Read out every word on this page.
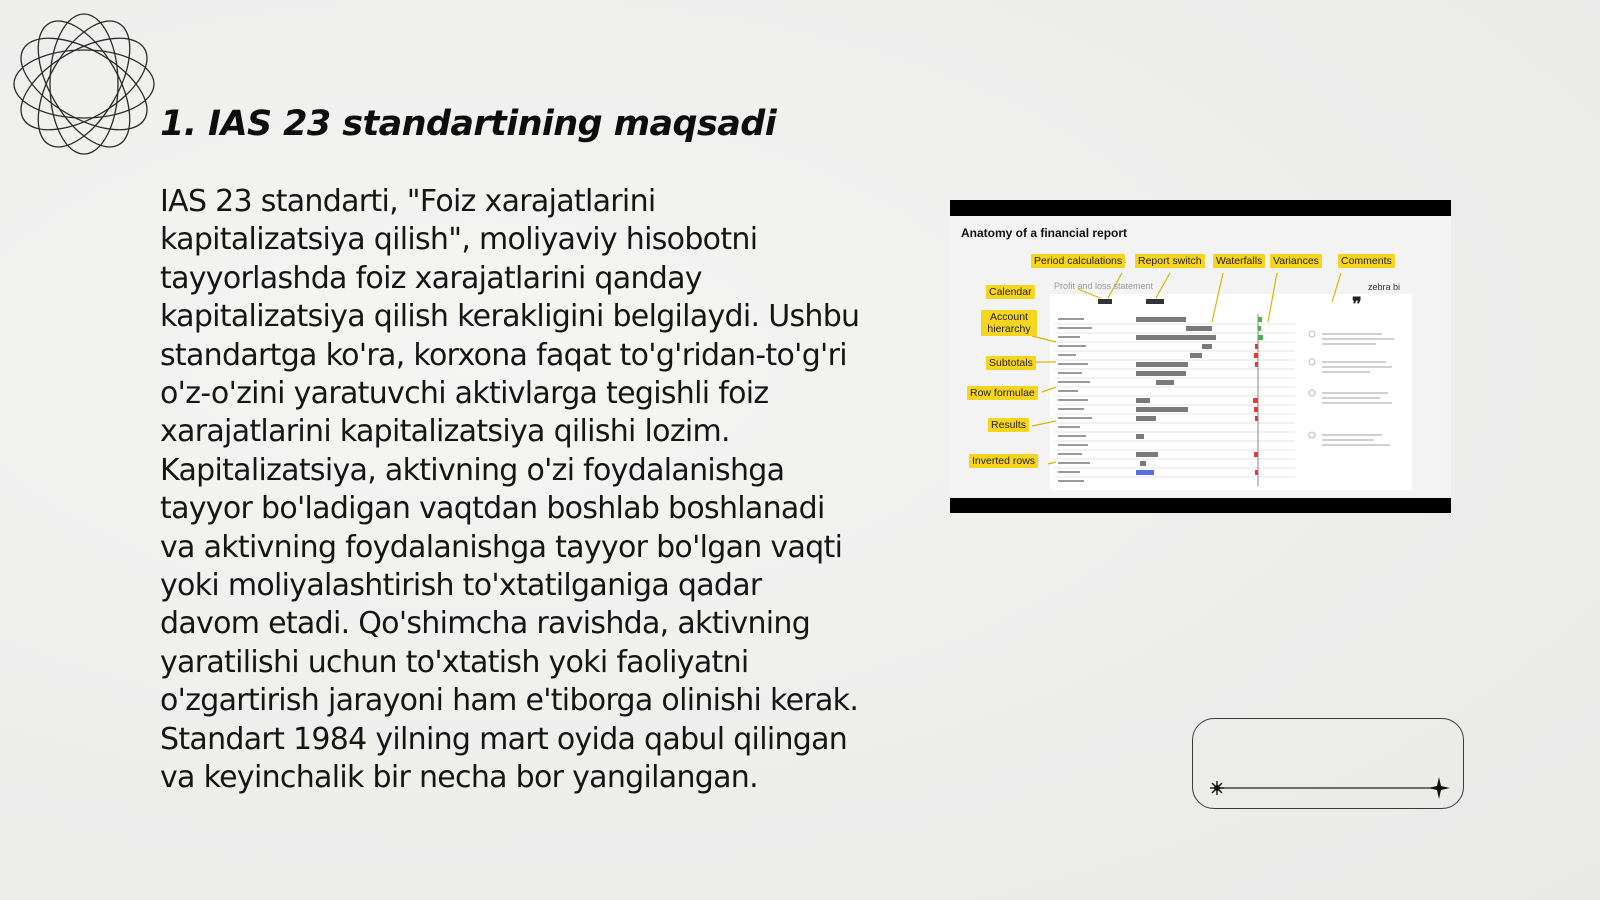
1. IAS 23 standartining maqsadi

IAS 23 standarti, "Foiz xarajatlarini kapitalizatsiya qilish", moliyaviy hisobotni tayyorlashda foiz xarajatlarini qanday kapitalizatsiya qilish kerakligini belgilaydi. Ushbu standartga ko'ra, korxona faqat to'g'ridan-to'g'ri o'z-o'zini yaratuvchi aktivlarga tegishli foiz xarajatlarini kapitalizatsiya qilishi lozim. Kapitalizatsiya, aktivning o'zi foydalanishga tayyor bo'ladigan vaqtdan boshlab boshlanadi va aktivning foydalanishga tayyor bo'lgan vaqti yoki moliyalashtirish to'xtatilganiga qadar davom etadi. Qo'shimcha ravishda, aktivning yaratilishi uchun to'xtatish yoki faoliyatni o'zgartirish jarayoni ham e'tiborga olinishi kerak. Standart 1984 yilning mart oyida qabul qilingan va keyinchalik bir necha bor yangilangan.

Anatomy of a financial report
Profit and loss statement	zebra bi
❞
Period calculations Report switch Waterfalls Variances Comments
Calendar
Account hierarchy
Subtotals
Row formulae
Results
Inverted rows
